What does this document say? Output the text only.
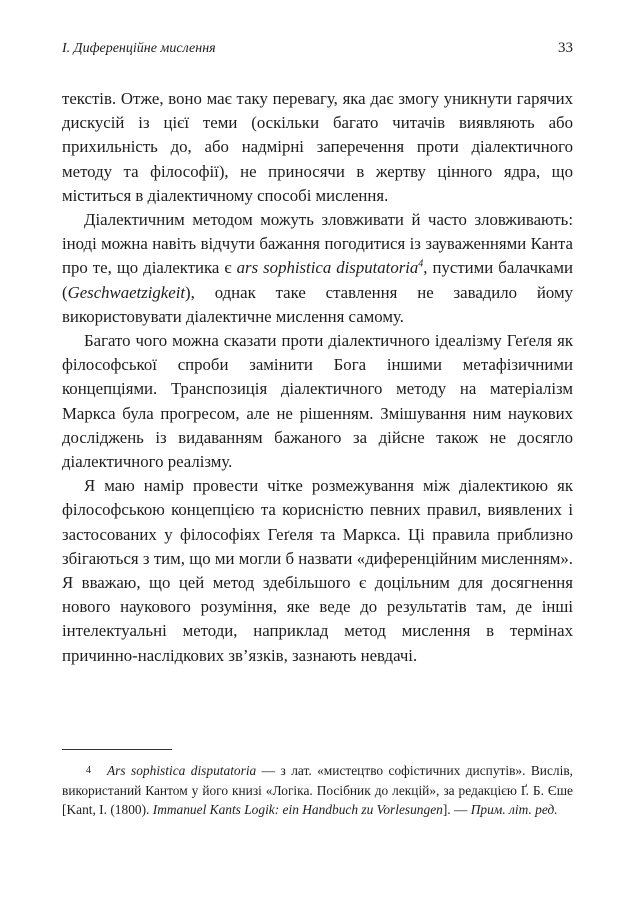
I. Диференційне мислення	33

текстів. Отже, воно має таку перевагу, яка дає змогу уникнути гарячих дискусій із цієї теми (оскільки багато читачів виявляють або прихильність до, або надмірні заперечення проти діалектичного методу та філософії), не приносячи в жертву цінного ядра, що міститься в діалектичному способі мислення.

Діалектичним методом можуть зловживати й часто зловживають: іноді можна навіть відчути бажання погодитися із зауваженнями Канта про те, що діалектика є ars sophistica disputatoria$^4$, пустими балачками (Geschwaetzigkeit), однак таке ставлення не завадило йому використовувати діалектичне мислення самому.

Багато чого можна сказати проти діалектичного ідеалізму Геґеля як філософської спроби замінити Бога іншими метафізичними концепціями. Транспозиція діалектичного методу на матеріалізм Маркса була прогресом, але не рішенням. Змішування ним наукових досліджень із видаванням бажаного за дійсне також не досягло діалектичного реалізму.

Я маю намір провести чітке розмежування між діалектикою як філософською концепцією та корисністю певних правил, виявлених і застосованих у філософіях Геґеля та Маркса. Ці правила приблизно збігаються з тим, що ми могли б назвати «диференційним мисленням». Я вважаю, що цей метод здебільшого є доцільним для досягнення нового наукового розуміння, яке веде до результатів там, де інші інтелектуальні методи, наприклад метод мислення в термінах причинно-наслідкових зв’язків, зазнають невдачі.

$^4$ Ars sophistica disputatoria — з лат. «мистецтво софістичних диспутів». Вислів, використаний Кантом у його книзі «Логіка. Посібник до лекцій», за редакцією Ґ. Б. Єше [Kant, I. (1800). Immanuel Kants Logik: ein Handbuch zu Vorlesungen]. — Прим. літ. ред.
